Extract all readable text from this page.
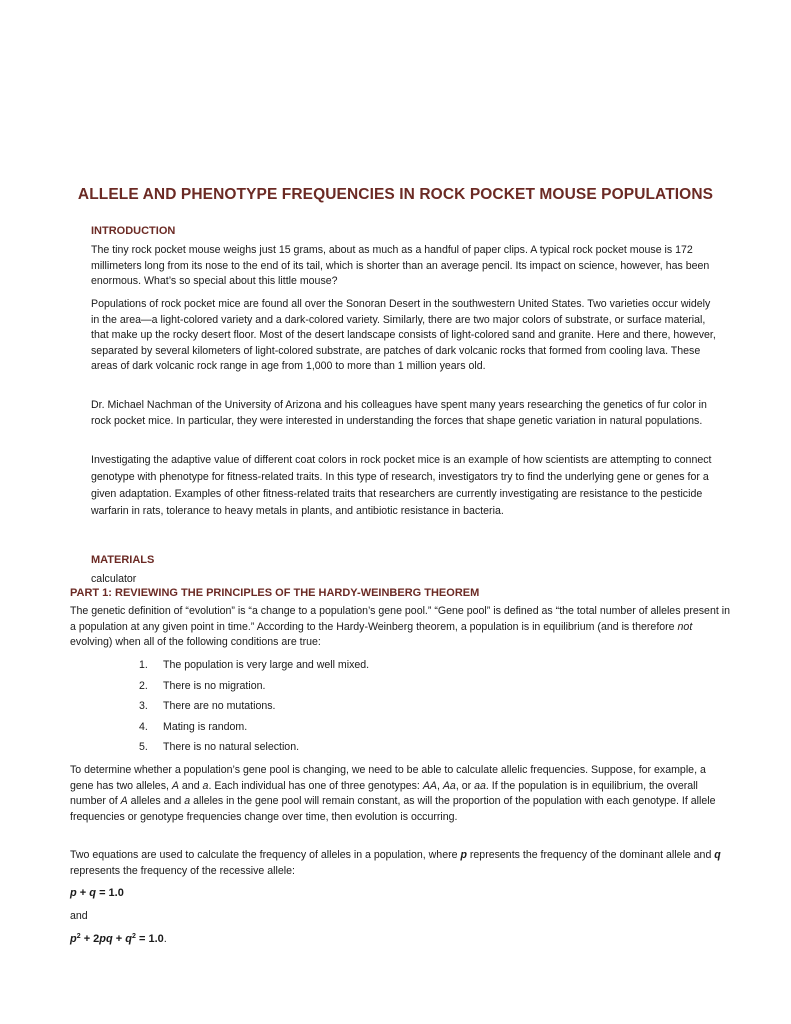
ALLELE AND PHENOTYPE FREQUENCIES IN ROCK POCKET MOUSE POPULATIONS
INTRODUCTION

The tiny rock pocket mouse weighs just 15 grams, about as much as a handful of paper clips. A typical rock pocket mouse is 172 millimeters long from its nose to the end of its tail, which is shorter than an average pencil. Its impact on science, however, has been enormous. What’s so special about this little mouse?

Populations of rock pocket mice are found all over the Sonoran Desert in the southwestern United States. Two varieties occur widely in the area—a light-colored variety and a dark-colored variety. Similarly, there are two major colors of substrate, or surface material, that make up the rocky desert floor. Most of the desert landscape consists of light-colored sand and granite. Here and there, however, separated by several kilometers of light-colored substrate, are patches of dark volcanic rocks that formed from cooling lava. These areas of dark volcanic rock range in age from 1,000 to more than 1 million years old.

Dr. Michael Nachman of the University of Arizona and his colleagues have spent many years researching the genetics of fur color in rock pocket mice. In particular, they were interested in understanding the forces that shape genetic variation in natural populations.

Investigating the adaptive value of different coat colors in rock pocket mice is an example of how scientists are attempting to connect genotype with phenotype for fitness-related traits. In this type of research, investigators try to find the underlying gene or genes for a given adaptation. Examples of other fitness-related traits that researchers are currently investigating are resistance to the pesticide warfarin in rats, tolerance to heavy metals in plants, and antibiotic resistance in bacteria.

MATERIALS

calculator

PART 1: REVIEWING THE PRINCIPLES OF THE HARDY-WEINBERG THEOREM

The genetic definition of “evolution” is “a change to a population’s gene pool.” “Gene pool” is defined as “the total number of alleles present in a population at any given point in time.” According to the Hardy-Weinberg theorem, a population is in equilibrium (and is therefore not evolving) when all of the following conditions are true:

1.	The population is very large and well mixed.
2.	There is no migration.
3.	There are no mutations.
4.	Mating is random.
5.	There is no natural selection.

To determine whether a population’s gene pool is changing, we need to be able to calculate allelic frequencies. Suppose, for example, a gene has two alleles, A and a. Each individual has one of three genotypes: AA, Aa, or aa. If the population is in equilibrium, the overall number of A alleles and a alleles in the gene pool will remain constant, as will the proportion of the population with each genotype. If allele frequencies or genotype frequencies change over time, then evolution is occurring.

Two equations are used to calculate the frequency of alleles in a population, where p represents the frequency of the dominant allele and q represents the frequency of the recessive allele:

p + q = 1.0

and

$p^2 + 2pq + q^2 = 1.0$.
